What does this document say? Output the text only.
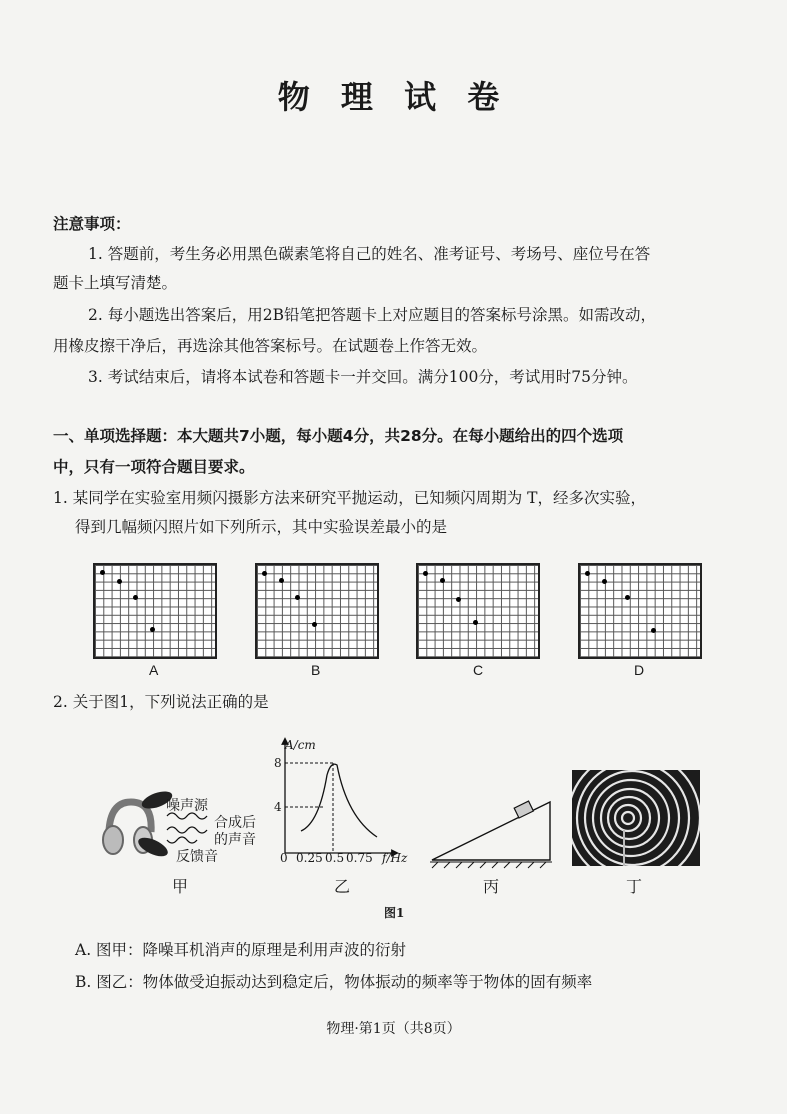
物 理 试 卷
注意事项：
1. 答题前，考生务必用黑色碳素笔将自己的姓名、准考证号、考场号、座位号在答
题卡上填写清楚。
2. 每小题选出答案后，用2B铅笔把答题卡上对应题目的答案标号涂黑。如需改动，
用橡皮擦干净后，再选涂其他答案标号。在试题卷上作答无效。
3. 考试结束后，请将本试卷和答题卡一并交回。满分100分，考试用时75分钟。
一、单项选择题：本大题共7小题，每小题4分，共28分。在每小题给出的四个选项
中，只有一项符合题目要求。
1. 某同学在实验室用频闪摄影方法来研究平抛运动，已知频闪周期为 T，经多次实验，
得到几幅频闪照片如下列所示，其中实验误差最小的是
A	B	C	D
2. 关于图1，下列说法正确的是
噪声源
合成后
的声音
反馈音
甲
A/cm
8
4
0 0.25 0.5 0.75 f/Hz
乙	丙	丁
图1
A. 图甲：降噪耳机消声的原理是利用声波的衍射
B. 图乙：物体做受迫振动达到稳定后，物体振动的频率等于物体的固有频率
物理·第1页（共8页）
